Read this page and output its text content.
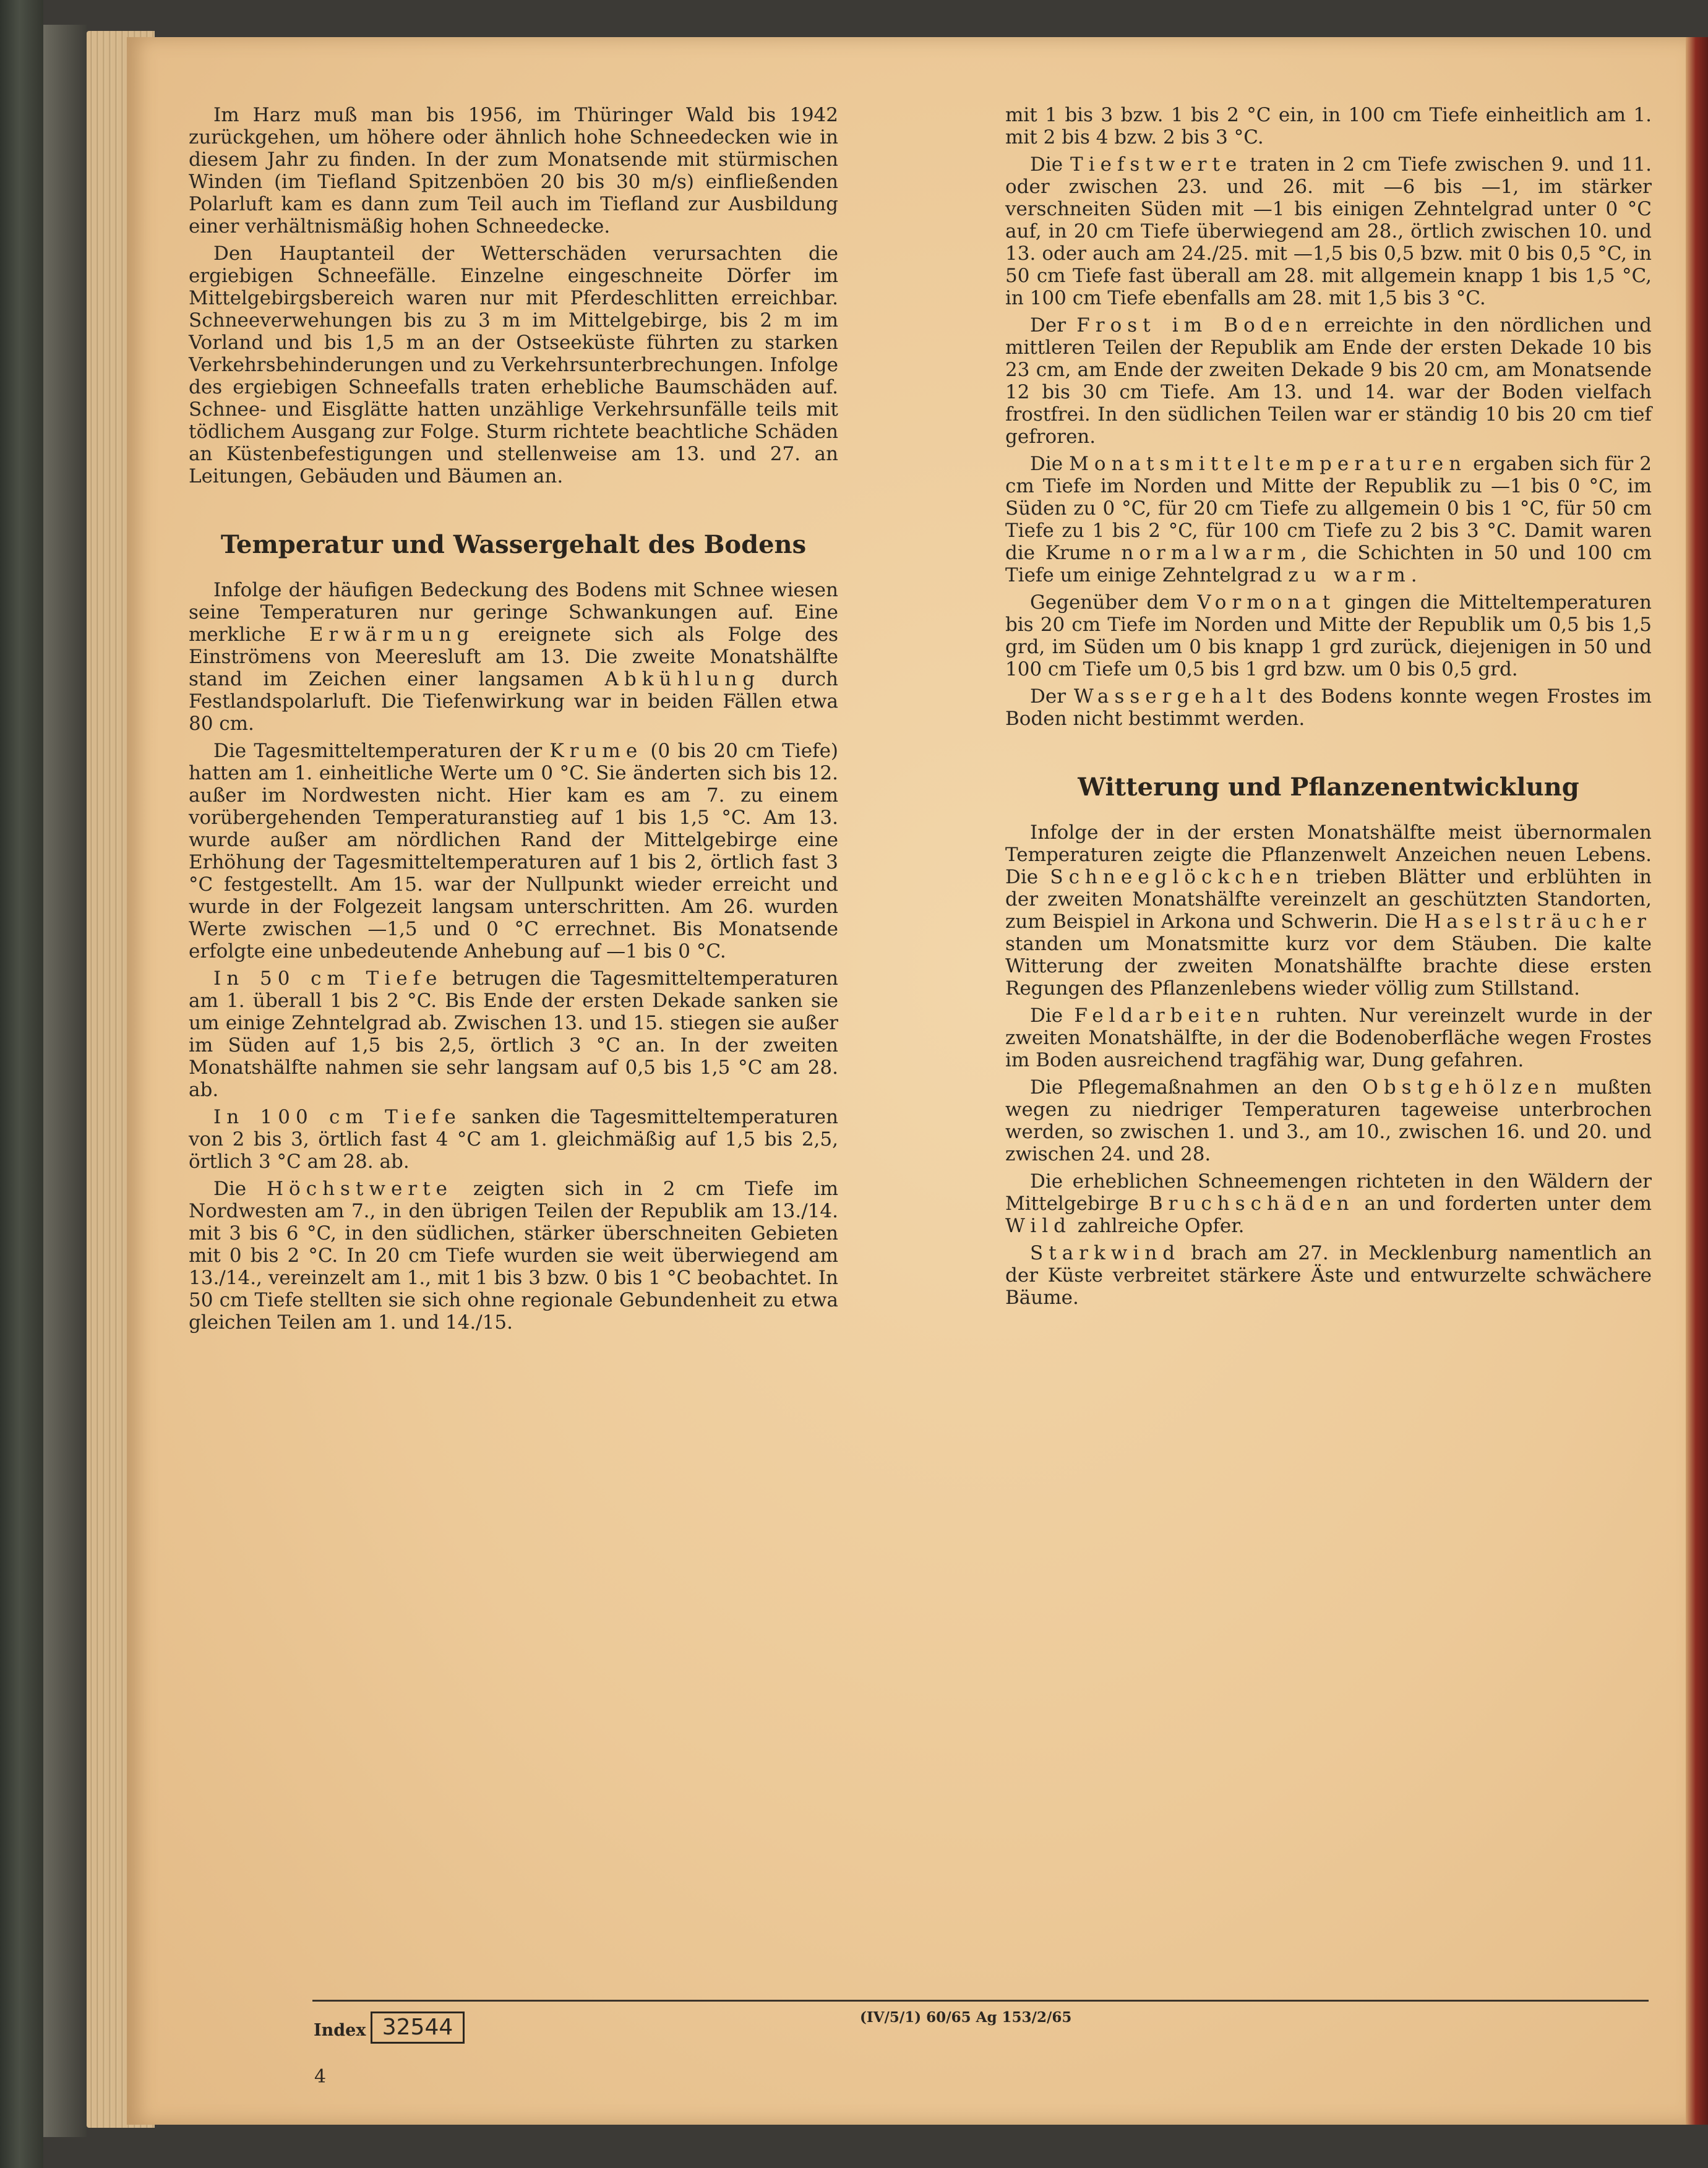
Im Harz muß man bis 1956, im Thüringer Wald bis 1942 zurückgehen, um höhere oder ähnlich hohe Schneedecken wie in diesem Jahr zu finden. In der zum Monatsende mit stürmischen Winden (im Tiefland Spitzenböen 20 bis 30 m/s) einfließenden Polarluft kam es dann zum Teil auch im Tiefland zur Ausbildung einer verhältnismäßig hohen Schneedecke.

Den Hauptanteil der Wetterschäden verursachten die ergiebigen Schneefälle. Einzelne eingeschneite Dörfer im Mittelgebirgsbereich waren nur mit Pferdeschlitten erreichbar. Schneeverwehungen bis zu 3 m im Mittelgebirge, bis 2 m im Vorland und bis 1,5 m an der Ostseeküste führten zu starken Verkehrsbehinderungen und zu Verkehrsunterbrechungen. Infolge des ergiebigen Schneefalls traten erhebliche Baumschäden auf. Schnee- und Eisglätte hatten unzählige Verkehrsunfälle teils mit tödlichem Ausgang zur Folge. Sturm richtete beachtliche Schäden an Küstenbefestigungen und stellenweise am 13. und 27. an Leitungen, Gebäuden und Bäumen an.

Temperatur und Wassergehalt des Bodens

Infolge der häufigen Bedeckung des Bodens mit Schnee wiesen seine Temperaturen nur geringe Schwankungen auf. Eine merkliche Erwärmung ereignete sich als Folge des Einströmens von Meeresluft am 13. Die zweite Monatshälfte stand im Zeichen einer langsamen Abkühlung durch Festlandspolarluft. Die Tiefenwirkung war in beiden Fällen etwa 80 cm.

Die Tagesmitteltemperaturen der Krume (0 bis 20 cm Tiefe) hatten am 1. einheitliche Werte um 0 °C. Sie änderten sich bis 12. außer im Nordwesten nicht. Hier kam es am 7. zu einem vorübergehenden Temperaturanstieg auf 1 bis 1,5 °C. Am 13. wurde außer am nördlichen Rand der Mittelgebirge eine Erhöhung der Tagesmitteltemperaturen auf 1 bis 2, örtlich fast 3 °C festgestellt. Am 15. war der Nullpunkt wieder erreicht und wurde in der Folgezeit langsam unterschritten. Am 26. wurden Werte zwischen —1,5 und 0 °C errechnet. Bis Monatsende erfolgte eine unbedeutende Anhebung auf —1 bis 0 °C.

In 50 cm Tiefe betrugen die Tagesmitteltemperaturen am 1. überall 1 bis 2 °C. Bis Ende der ersten Dekade sanken sie um einige Zehntelgrad ab. Zwischen 13. und 15. stiegen sie außer im Süden auf 1,5 bis 2,5, örtlich 3 °C an. In der zweiten Monatshälfte nahmen sie sehr langsam auf 0,5 bis 1,5 °C am 28. ab.

In 100 cm Tiefe sanken die Tagesmitteltemperaturen von 2 bis 3, örtlich fast 4 °C am 1. gleichmäßig auf 1,5 bis 2,5, örtlich 3 °C am 28. ab.

Die Höchstwerte zeigten sich in 2 cm Tiefe im Nordwesten am 7., in den übrigen Teilen der Republik am 13./14. mit 3 bis 6 °C, in den südlichen, stärker überschneiten Gebieten mit 0 bis 2 °C. In 20 cm Tiefe wurden sie weit überwiegend am 13./14., vereinzelt am 1., mit 1 bis 3 bzw. 0 bis 1 °C beobachtet. In 50 cm Tiefe stellten sie sich ohne regionale Gebundenheit zu etwa gleichen Teilen am 1. und 14./15.

mit 1 bis 3 bzw. 1 bis 2 °C ein, in 100 cm Tiefe einheitlich am 1. mit 2 bis 4 bzw. 2 bis 3 °C.

Die Tiefstwerte traten in 2 cm Tiefe zwischen 9. und 11. oder zwischen 23. und 26. mit —6 bis —1, im stärker verschneiten Süden mit —1 bis einigen Zehntelgrad unter 0 °C auf, in 20 cm Tiefe überwiegend am 28., örtlich zwischen 10. und 13. oder auch am 24./25. mit —1,5 bis 0,5 bzw. mit 0 bis 0,5 °C, in 50 cm Tiefe fast überall am 28. mit allgemein knapp 1 bis 1,5 °C, in 100 cm Tiefe ebenfalls am 28. mit 1,5 bis 3 °C.

Der Frost im Boden erreichte in den nördlichen und mittleren Teilen der Republik am Ende der ersten Dekade 10 bis 23 cm, am Ende der zweiten Dekade 9 bis 20 cm, am Monatsende 12 bis 30 cm Tiefe. Am 13. und 14. war der Boden vielfach frostfrei. In den südlichen Teilen war er ständig 10 bis 20 cm tief gefroren.

Die Monatsmitteltemperaturen ergaben sich für 2 cm Tiefe im Norden und Mitte der Republik zu —1 bis 0 °C, im Süden zu 0 °C, für 20 cm Tiefe zu allgemein 0 bis 1 °C, für 50 cm Tiefe zu 1 bis 2 °C, für 100 cm Tiefe zu 2 bis 3 °C. Damit waren die Krume normalwarm, die Schichten in 50 und 100 cm Tiefe um einige Zehntelgrad zu warm.

Gegenüber dem Vormonat gingen die Mitteltemperaturen bis 20 cm Tiefe im Norden und Mitte der Republik um 0,5 bis 1,5 grd, im Süden um 0 bis knapp 1 grd zurück, diejenigen in 50 und 100 cm Tiefe um 0,5 bis 1 grd bzw. um 0 bis 0,5 grd.

Der Wassergehalt des Bodens konnte wegen Frostes im Boden nicht bestimmt werden.

Witterung und Pflanzenentwicklung

Infolge der in der ersten Monatshälfte meist übernormalen Temperaturen zeigte die Pflanzenwelt Anzeichen neuen Lebens. Die Schneeglöckchen trieben Blätter und erblühten in der zweiten Monatshälfte vereinzelt an geschützten Standorten, zum Beispiel in Arkona und Schwerin. Die Haselsträucher standen um Monatsmitte kurz vor dem Stäuben. Die kalte Witterung der zweiten Monatshälfte brachte diese ersten Regungen des Pflanzenlebens wieder völlig zum Stillstand.

Die Feldarbeiten ruhten. Nur vereinzelt wurde in der zweiten Monatshälfte, in der die Bodenoberfläche wegen Frostes im Boden ausreichend tragfähig war, Dung gefahren.

Die Pflegemaßnahmen an den Obstgehölzen mußten wegen zu niedriger Temperaturen tageweise unterbrochen werden, so zwischen 1. und 3., am 10., zwischen 16. und 20. und zwischen 24. und 28.

Die erheblichen Schneemengen richteten in den Wäldern der Mittelgebirge Bruchschäden an und forderten unter dem Wild zahlreiche Opfer.

Starkwind brach am 27. in Mecklenburg namentlich an der Küste verbreitet stärkere Äste und entwurzelte schwächere Bäume.

Index 32544	(IV/5/1) 60/65 Ag 153/2/65
4
